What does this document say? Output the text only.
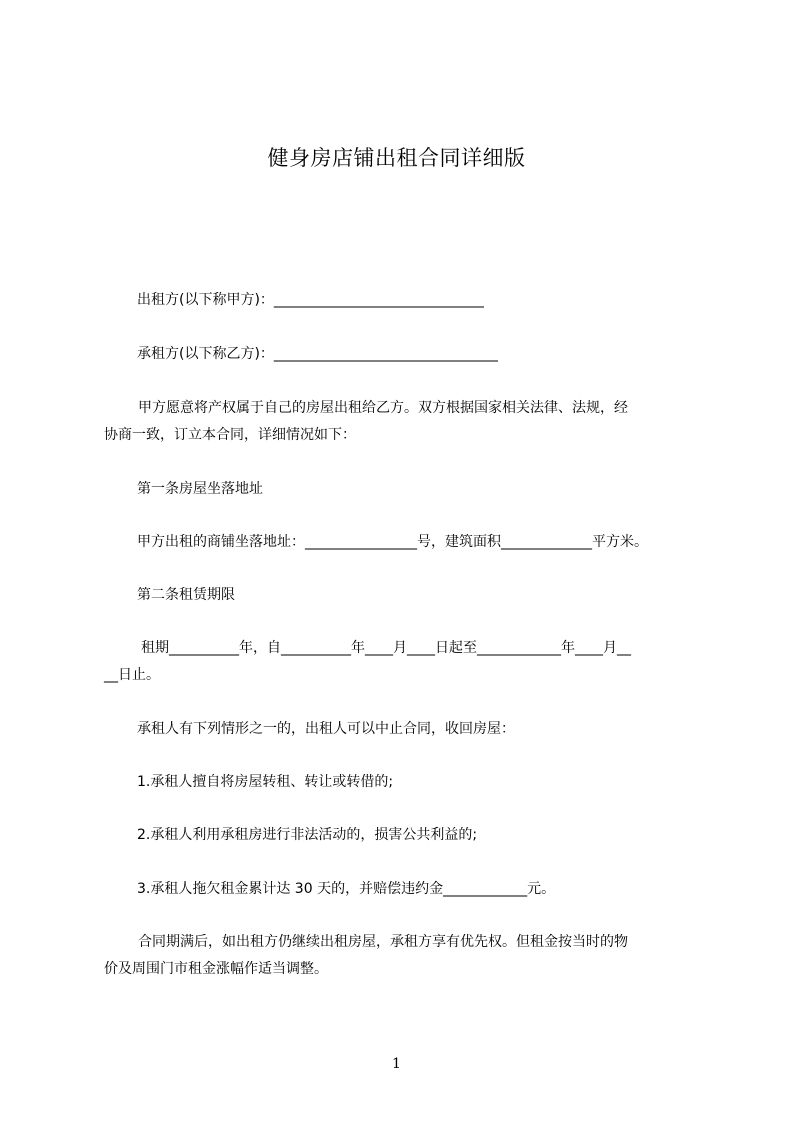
健身房店铺出租合同详细版
出租方(以下称甲方)：______________________________
承租方(以下称乙方)：________________________________
甲方愿意将产权属于自己的房屋出租给乙方。双方根据国家相关法律、法规，经
协商一致，订立本合同，详细情况如下：
第一条房屋坐落地址
甲方出租的商铺坐落地址：________________号，建筑面积_____________平方米。
第二条租赁期限
租期__________年，自__________年____月____日起至____________年____月__
__日止。
承租人有下列情形之一的，出租人可以中止合同，收回房屋：
1.承租人擅自将房屋转租、转让或转借的;
2.承租人利用承租房进行非法活动的，损害公共利益的;
3.承租人拖欠租金累计达 30 天的，并赔偿违约金____________元。
合同期满后，如出租方仍继续出租房屋，承租方享有优先权。但租金按当时的物
价及周围门市租金涨幅作适当调整。
1
